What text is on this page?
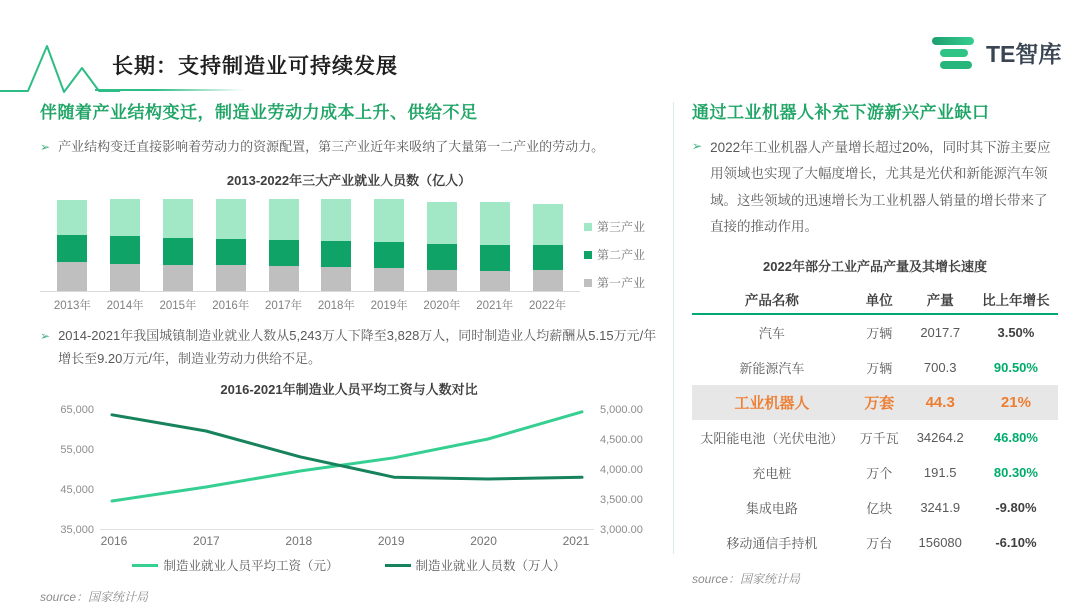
长期：支持制造业可持续发展	TE智库
伴随着产业结构变迁，制造业劳动力成本上升、供给不足
➢ 产业结构变迁直接影响着劳动力的资源配置，第三产业近年来吸纳了大量第一二产业的劳动力。
2013-2022年三大产业就业人员数（亿人）
2013年	2014年	2015年	2016年	2017年	2018年	2019年	2020年	2021年	2022年
第三产业
第二产业
第一产业
➢ 2014-2021年我国城镇制造业就业人数从5,243万人下降至3,828万人，同时制造业人均薪酬从5.15万元/年增长至9.20万元/年，制造业劳动力供给不足。
2016-2021年制造业人员平均工资与人数对比
65,000
55,000
45,000
35,000
5,000.00
4,500.00
4,000.00
3,500.00
3,000.00
2016	2017	2018	2019	2020	2021
制造业就业人员平均工资（元）	制造业就业人员数（万人）
source：国家统计局
通过工业机器人补充下游新兴产业缺口
➢ 2022年工业机器人产量增长超过20%，同时其下游主要应用领域也实现了大幅度增长，尤其是光伏和新能源汽车领域。这些领域的迅速增长为工业机器人销量的增长带来了直接的推动作用。
2022年部分工业产品产量及其增长速度
产品名称	单位	产量	比上年增长
汽车	万辆	2017.7	3.50%
新能源汽车	万辆	700.3	90.50%
工业机器人	万套	44.3	21%
太阳能电池（光伏电池）	万千瓦	34264.2	46.80%
充电桩	万个	191.5	80.30%
集成电路	亿块	3241.9	-9.80%
移动通信手持机	万台	156080	-6.10%
source：国家统计局
